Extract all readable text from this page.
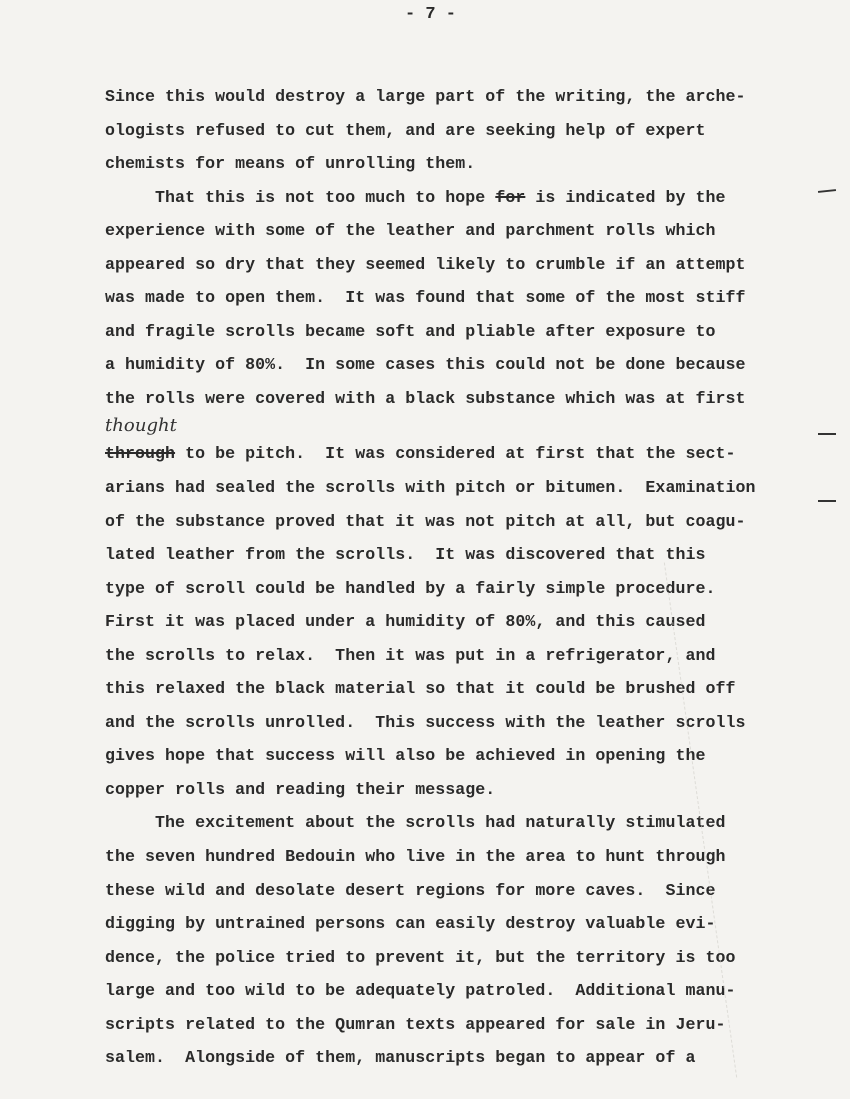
- 7 -
Since this would destroy a large part of the writing, the arche-
ologists refused to cut them, and are seeking help of expert
chemists for means of unrolling them.
That this is not too much to hope for is indicated by the
experience with some of the leather and parchment rolls which
appeared so dry that they seemed likely to crumble if an attempt
was made to open them.  It was found that some of the most stiff
and fragile scrolls became soft and pliable after exposure to
a humidity of 80%.  In some cases this could not be done because
the rolls were covered with a black substance which was at first
thought
through to be pitch.  It was considered at first that the sect-
arians had sealed the scrolls with pitch or bitumen.  Examination
of the substance proved that it was not pitch at all, but coagu-
lated leather from the scrolls.  It was discovered that this
type of scroll could be handled by a fairly simple procedure.
First it was placed under a humidity of 80%, and this caused
the scrolls to relax.  Then it was put in a refrigerator, and
this relaxed the black material so that it could be brushed off
and the scrolls unrolled.  This success with the leather scrolls
gives hope that success will also be achieved in opening the
copper rolls and reading their message.
The excitement about the scrolls had naturally stimulated
the seven hundred Bedouin who live in the area to hunt through
these wild and desolate desert regions for more caves.  Since
digging by untrained persons can easily destroy valuable evi-
dence, the police tried to prevent it, but the territory is too
large and too wild to be adequately patroled.  Additional manu-
scripts related to the Qumran texts appeared for sale in Jeru-
salem.  Alongside of them, manuscripts began to appear of a
